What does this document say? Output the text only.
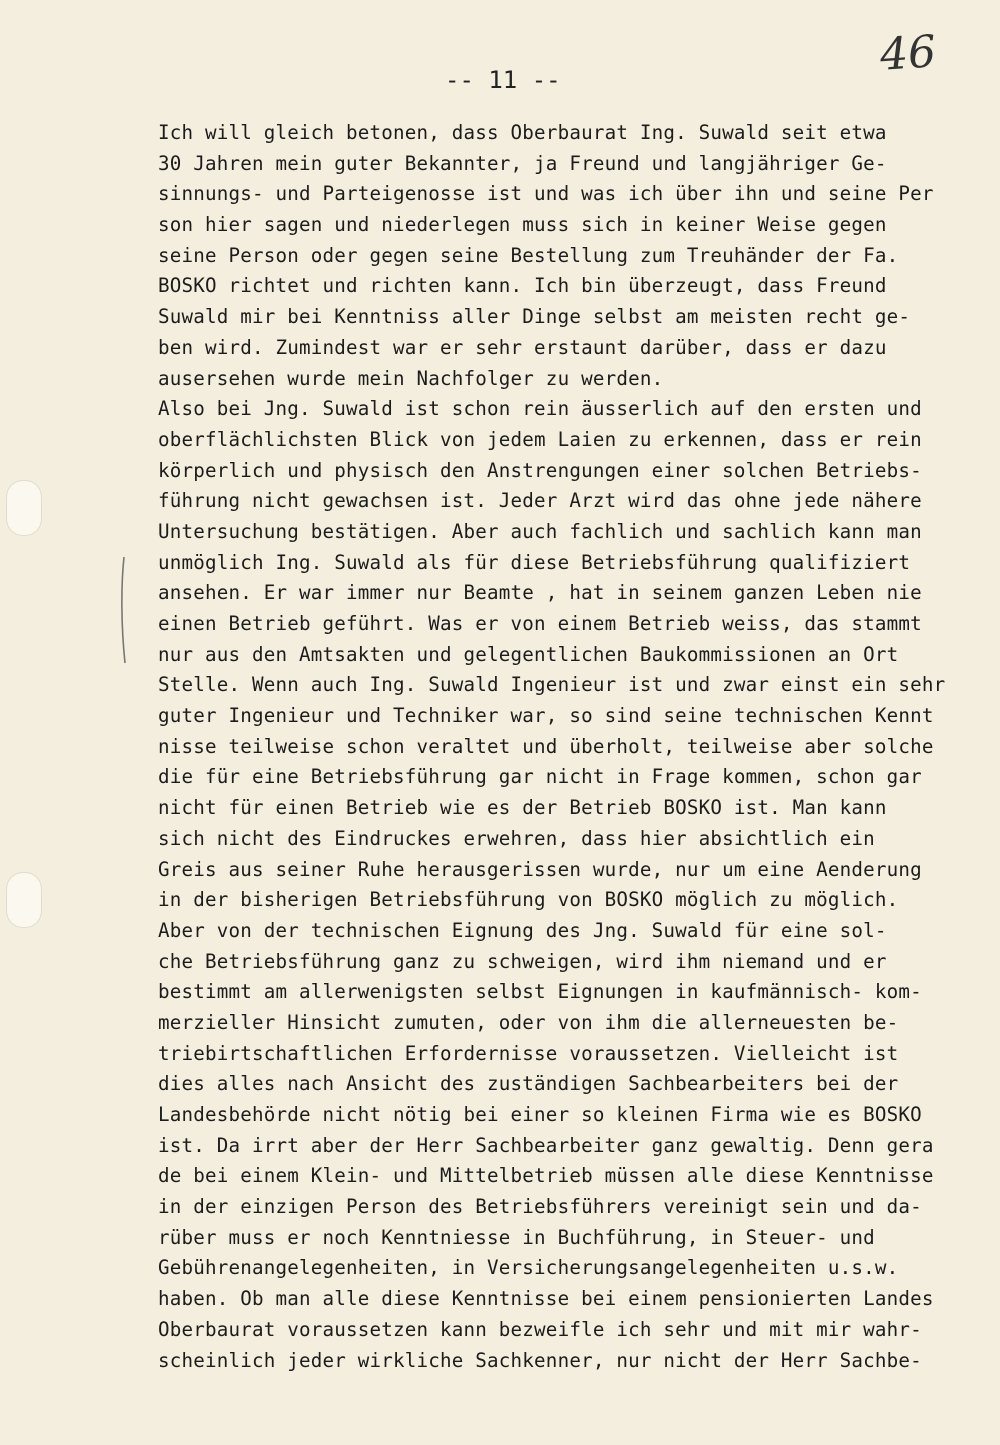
46
-- 11 --
Ich will gleich betonen, dass Oberbaurat Ing. Suwald seit etwa
30 Jahren mein guter Bekannter, ja Freund und langjähriger Ge-
sinnungs- und Parteigenosse ist und was ich über ihn und seine Per
son hier sagen und niederlegen muss sich in keiner Weise gegen
seine Person oder gegen seine Bestellung zum Treuhänder der Fa.
BOSKO richtet und richten kann. Ich bin überzeugt, dass Freund
Suwald mir bei Kenntniss aller Dinge selbst am meisten recht ge-
ben wird. Zumindest war er sehr erstaunt darüber, dass er dazu
ausersehen wurde mein Nachfolger zu werden.
Also bei Jng. Suwald ist schon rein äusserlich auf den ersten und
oberflächlichsten Blick von jedem Laien zu erkennen, dass er rein
körperlich und physisch den Anstrengungen einer solchen Betriebs-
führung nicht gewachsen ist. Jeder Arzt wird das ohne jede nähere
Untersuchung bestätigen. Aber auch fachlich und sachlich kann man
unmöglich Ing. Suwald als für diese Betriebsführung qualifiziert
ansehen. Er war immer nur Beamte , hat in seinem ganzen Leben nie
einen Betrieb geführt. Was er von einem Betrieb weiss, das stammt
nur aus den Amtsakten und gelegentlichen Baukommissionen an Ort
Stelle. Wenn auch Ing. Suwald Ingenieur ist und zwar einst ein sehr
guter Ingenieur und Techniker war, so sind seine technischen Kennt
nisse teilweise schon veraltet und überholt, teilweise aber solche
die für eine Betriebsführung gar nicht in Frage kommen, schon gar
nicht für einen Betrieb wie es der Betrieb BOSKO ist. Man kann
sich nicht des Eindruckes erwehren, dass hier absichtlich ein
Greis aus seiner Ruhe herausgerissen wurde, nur um eine Aenderung
in der bisherigen Betriebsführung von BOSKO möglich zu möglich.
Aber von der technischen Eignung des Jng. Suwald für eine sol-
che Betriebsführung ganz zu schweigen, wird ihm niemand und er
bestimmt am allerwenigsten selbst Eignungen in kaufmännisch- kom-
merzieller Hinsicht zumuten, oder von ihm die allerneuesten be-
triebirtschaftlichen Erfordernisse voraussetzen. Vielleicht ist
dies alles nach Ansicht des zuständigen Sachbearbeiters bei der
Landesbehörde nicht nötig bei einer so kleinen Firma wie es BOSKO
ist. Da irrt aber der Herr Sachbearbeiter ganz gewaltig. Denn gera
de bei einem Klein- und Mittelbetrieb müssen alle diese Kenntnisse
in der einzigen Person des Betriebsführers vereinigt sein und da-
rüber muss er noch Kenntniesse in Buchführung, in Steuer- und
Gebührenangelegenheiten, in Versicherungsangelegenheiten u.s.w.
haben. Ob man alle diese Kenntnisse bei einem pensionierten Landes
Oberbaurat voraussetzen kann bezweifle ich sehr und mit mir wahr-
scheinlich jeder wirkliche Sachkenner, nur nicht der Herr Sachbe-
